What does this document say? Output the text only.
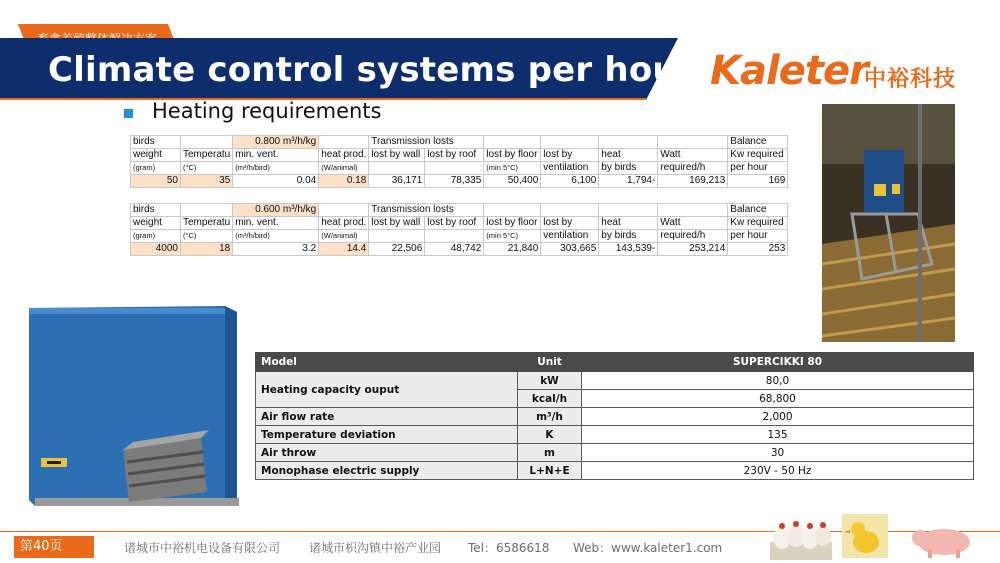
Climate control systems per house
Kaleter
中裕科技
Heating requirements
birds		0.800 m³/h/kg		Transmission losts						Balance
weight	Temperatu	min. vent.	heat prod.	lost by wall	lost by roof	lost by floor	lost by	heat	Watt	Kw required
(gram)	(°C)	(m³/h/bird)	(W/animal)			(min 5°C)	ventilation	by birds	required/h	per hour
50	35	0.04	0.18	36,171	78,335	50,400	6,100	1,794-	169,213	169
birds		0.600 m³/h/kg		Transmission losts						Balance
weight	Temperatu	min. vent.	heat prod.	lost by wall	lost by roof	lost by floor	lost by	heat	Watt	Kw required
(gram)	(°C)	(m³/h/bird)	(W/animal)			(min 5°C)	ventilation	by birds	required/h	per hour
4000	18	3.2	14.4	22,506	48,742	21,840	303,665	143,539-	253,214	253
Model	Unit	SUPERCIKKI 80
Heating capacity ouput	kW	80,0
	kcal/h	68,800
Air flow rate	m³/h	2,000
Temperature deviation	K	135
Air throw	m	30
Monophase electric supply	L+N+E	230V - 50 Hz
第40页	诸城市中裕机电设备有限公司 诸城市枳沟镇中裕产业园 Tel：6586618 Web：www.kaleter1.com
